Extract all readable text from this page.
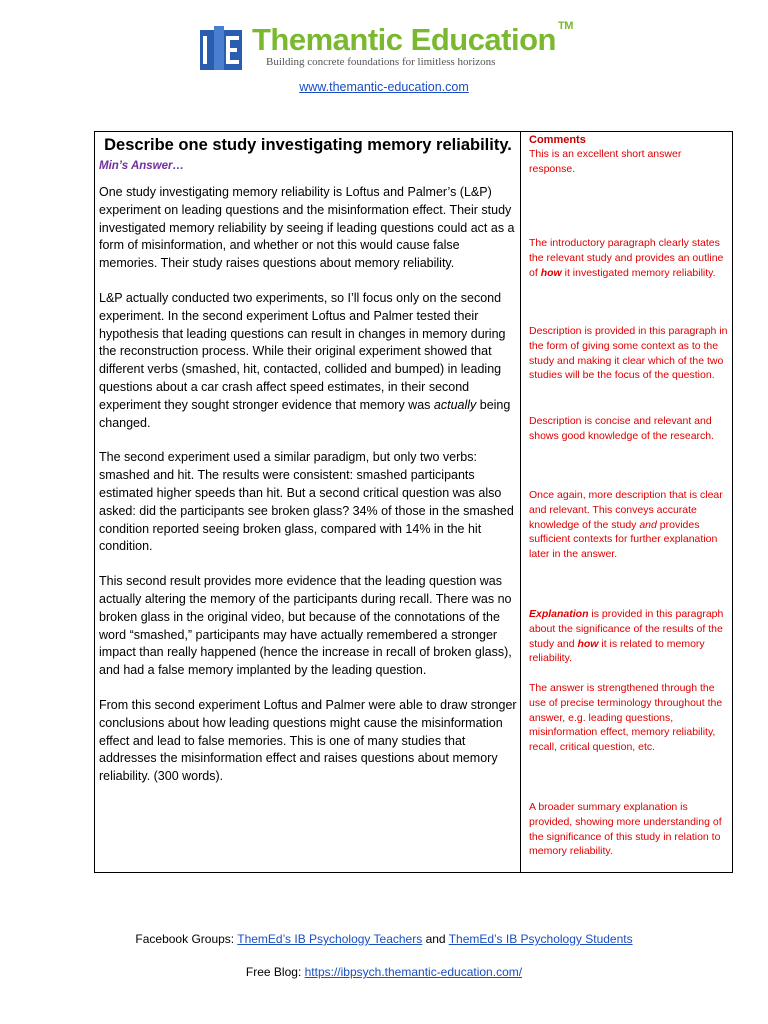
Themantic Education ™
Building concrete foundations for limitless horizons
www.themantic-education.com
Describe one study investigating memory reliability.
Min’s Answer…

One study investigating memory reliability is Loftus and Palmer’s (L&P) experiment on leading questions and the misinformation effect. Their study investigated memory reliability by seeing if leading questions could act as a form of misinformation, and whether or not this would cause false memories. Their study raises questions about memory reliability.

L&P actually conducted two experiments, so I’ll focus only on the second experiment. In the second experiment Loftus and Palmer tested their hypothesis that leading questions can result in changes in memory during the reconstruction process. While their original experiment showed that different verbs (smashed, hit, contacted, collided and bumped) in leading questions about a car crash affect speed estimates, in their second experiment they sought stronger evidence that memory was actually being changed.

The second experiment used a similar paradigm, but only two verbs: smashed and hit. The results were consistent: smashed participants estimated higher speeds than hit. But a second critical question was also asked: did the participants see broken glass? 34% of those in the smashed condition reported seeing broken glass, compared with 14% in the hit condition.

This second result provides more evidence that the leading question was actually altering the memory of the participants during recall. There was no broken glass in the original video, but because of the connotations of the word “smashed,” participants may have actually remembered a stronger impact than really happened (hence the increase in recall of broken glass), and had a false memory implanted by the leading question.

From this second experiment Loftus and Palmer were able to draw stronger conclusions about how leading questions might cause the misinformation effect and lead to false memories. This is one of many studies that addresses the misinformation effect and raises questions about memory reliability. (300 words).

Comments
This is an excellent short answer response.
The introductory paragraph clearly states the relevant study and provides an outline of how it investigated memory reliability.
Description is provided in this paragraph in the form of giving some context as to the study and making it clear which of the two studies will be the focus of the question.
Description is concise and relevant and shows good knowledge of the research.
Once again, more description that is clear and relevant. This conveys accurate knowledge of the study and provides sufficient contexts for further explanation later in the answer.
Explanation is provided in this paragraph about the significance of the results of the study and how it is related to memory reliability.
The answer is strengthened through the use of precise terminology throughout the answer, e.g. leading questions, misinformation effect, memory reliability, recall, critical question, etc.
A broader summary explanation is provided, showing more understanding of the significance of this study in relation to memory reliability.
Facebook Groups: ThemEd’s IB Psychology Teachers and ThemEd’s IB Psychology Students
Free Blog: https://ibpsych.themantic-education.com/
